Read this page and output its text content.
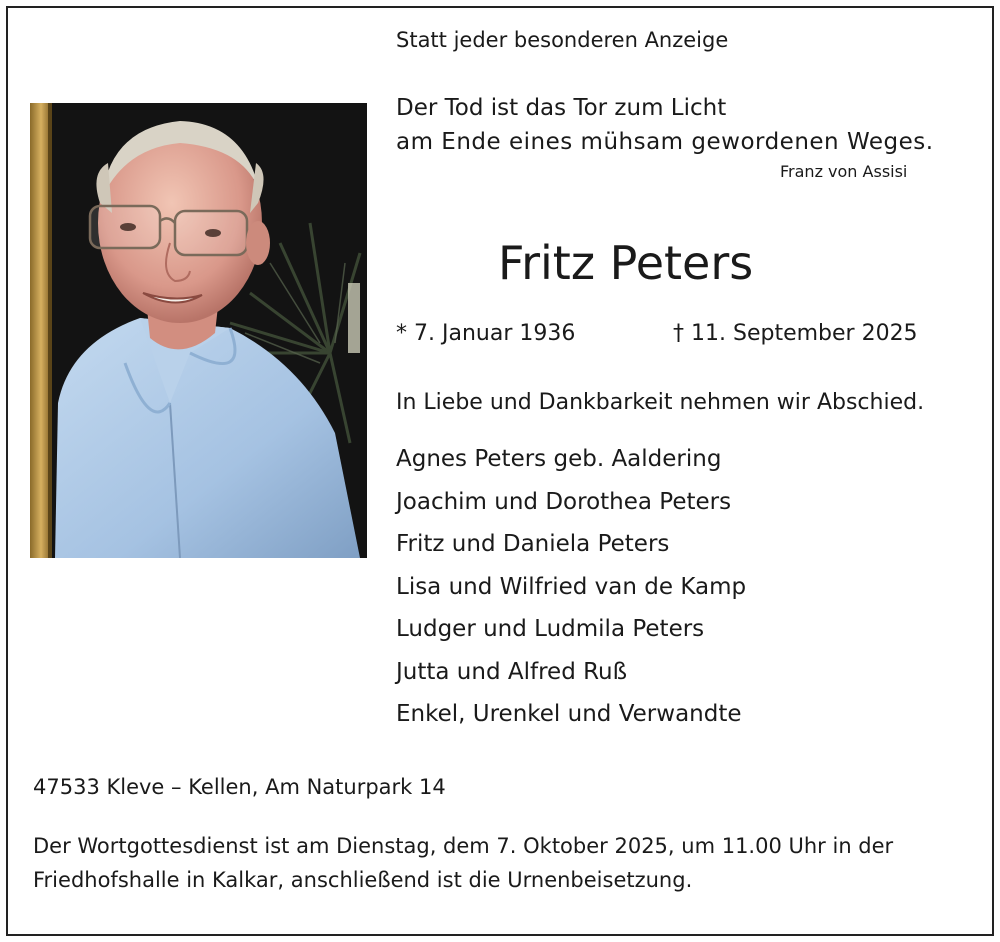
Statt jeder besonderen Anzeige
Der Tod ist das Tor zum Licht
am Ende eines mühsam gewordenen Weges.
Franz von Assisi
Fritz Peters
* 7. Januar 1936	† 11. September 2025
In Liebe und Dankbarkeit nehmen wir Abschied.
Agnes Peters geb. Aaldering
Joachim und Dorothea Peters
Fritz und Daniela Peters
Lisa und Wilfried van de Kamp
Ludger und Ludmila Peters
Jutta und Alfred Ruß
Enkel, Urenkel und Verwandte
47533 Kleve – Kellen, Am Naturpark 14
Der Wortgottesdienst ist am Dienstag, dem 7. Oktober 2025, um 11.00 Uhr in der Friedhofshalle in Kalkar, anschließend ist die Urnenbeisetzung.
